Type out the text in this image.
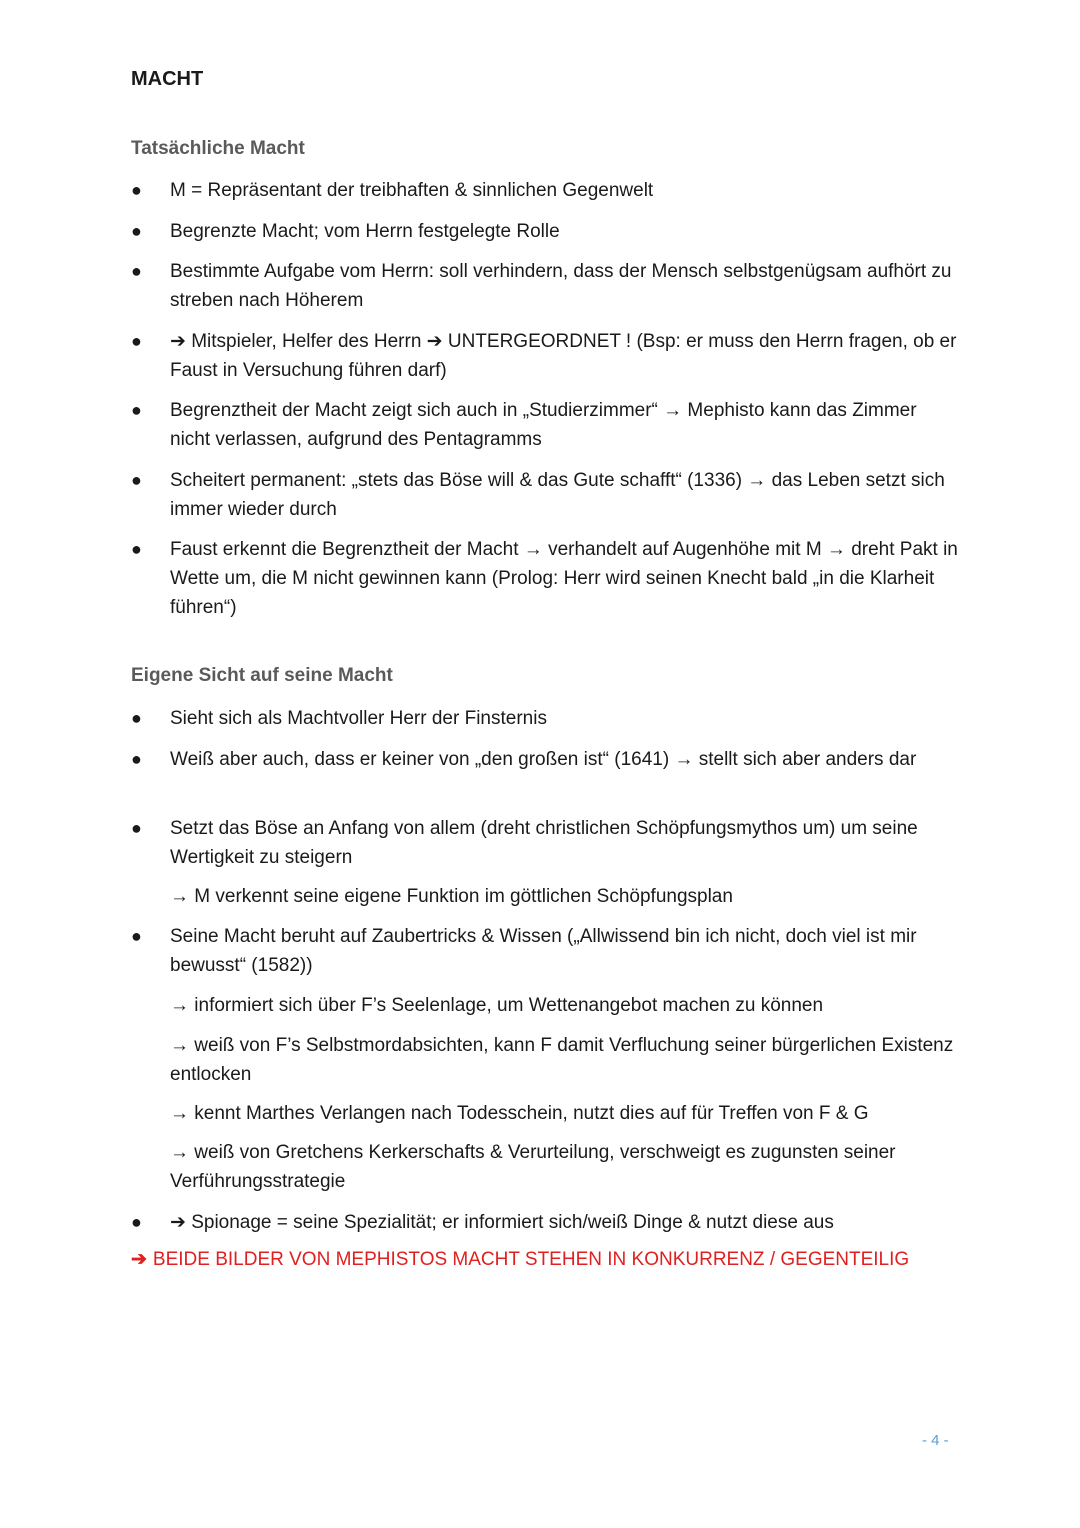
MACHT
Tatsächliche Macht
●	M = Repräsentant der treibhaften & sinnlichen Gegenwelt
●	Begrenzte Macht; vom Herrn festgelegte Rolle
●	Bestimmte Aufgabe vom Herrn: soll verhindern, dass der Mensch selbstgenügsam aufhört zu streben nach Höherem
●	➔ Mitspieler, Helfer des Herrn ➔ UNTERGEORDNET ! (Bsp: er muss den Herrn fragen, ob er Faust in Versuchung führen darf)
●	Begrenztheit der Macht zeigt sich auch in „Studierzimmer“ → Mephisto kann das Zimmer nicht verlassen, aufgrund des Pentagramms
●	Scheitert permanent: „stets das Böse will & das Gute schafft“ (1336) → das Leben setzt sich immer wieder durch
●	Faust erkennt die Begrenztheit der Macht → verhandelt auf Augenhöhe mit M → dreht Pakt in Wette um, die M nicht gewinnen kann (Prolog: Herr wird seinen Knecht bald „in die Klarheit führen“)
Eigene Sicht auf seine Macht
●	Sieht sich als Machtvoller Herr der Finsternis
●	Weiß aber auch, dass er keiner von „den großen ist“ (1641) → stellt sich aber anders dar
●	Setzt das Böse an Anfang von allem (dreht christlichen Schöpfungsmythos um) um seine Wertigkeit zu steigern
→ M verkennt seine eigene Funktion im göttlichen Schöpfungsplan
●	Seine Macht beruht auf Zaubertricks & Wissen („Allwissend bin ich nicht, doch viel ist mir bewusst“ (1582))
→ informiert sich über F’s Seelenlage, um Wettenangebot machen zu können
→ weiß von F’s Selbstmordabsichten, kann F damit Verfluchung seiner bürgerlichen Existenz entlocken
→ kennt Marthes Verlangen nach Todesschein, nutzt dies auf für Treffen von F & G
→ weiß von Gretchens Kerkerschafts & Verurteilung, verschweigt es zugunsten seiner Verführungsstrategie
●	➔ Spionage = seine Spezialität; er informiert sich/weiß Dinge & nutzt diese aus
➔ BEIDE BILDER VON MEPHISTOS MACHT STEHEN IN KONKURRENZ / GEGENTEILIG
- 4 -
